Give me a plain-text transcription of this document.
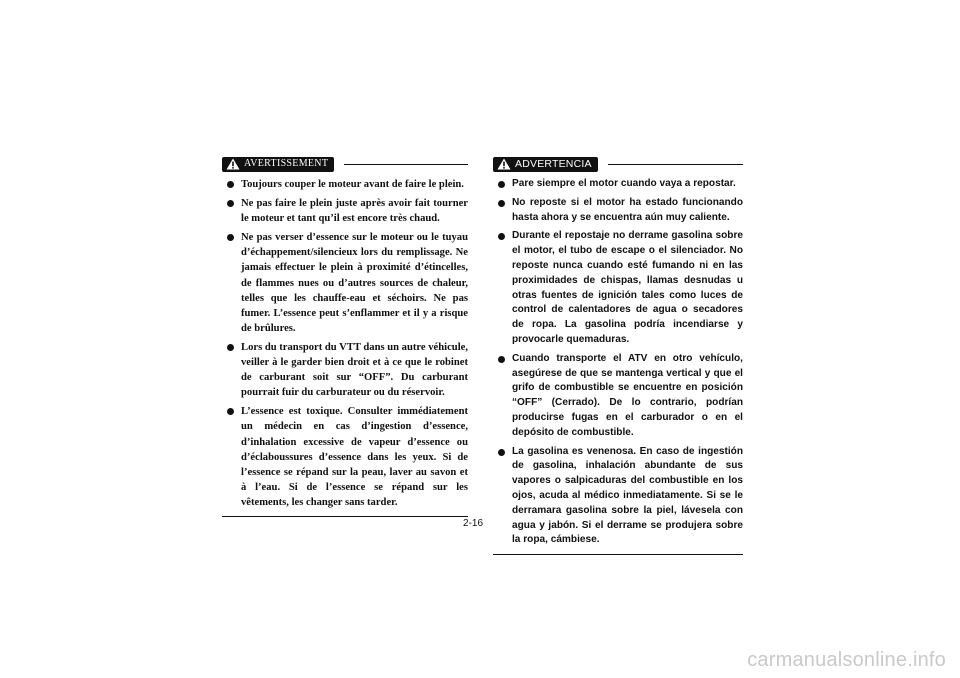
AVERTISSEMENT
Toujours couper le moteur avant de faire le plein.
Ne pas faire le plein juste après avoir fait tourner le moteur et tant qu’il est encore très chaud.
Ne pas verser d’essence sur le moteur ou le tuyau d’échappement/silencieux lors du remplissage. Ne jamais effectuer le plein à proximité d’étincelles, de flammes nues ou d’autres sources de chaleur, telles que les chauffe-eau et séchoirs. Ne pas fumer. L’essence peut s’enflammer et il y a risque de brûlures.
Lors du transport du VTT dans un autre véhicule, veiller à le garder bien droit et à ce que le robinet de carburant soit sur “OFF”. Du carburant pourrait fuir du carburateur ou du réservoir.
L’essence est toxique. Consulter immédiatement un médecin en cas d’ingestion d’essence, d’inhalation excessive de vapeur d’essence ou d’éclaboussures d’essence dans les yeux. Si de l’essence se répand sur la peau, laver au savon et à l’eau. Si de l’essence se répand sur les vêtements, les changer sans tarder.
ADVERTENCIA
Pare siempre el motor cuando vaya a repostar.
No reposte si el motor ha estado funcionando hasta ahora y se encuentra aún muy caliente.
Durante el repostaje no derrame gasolina sobre el motor, el tubo de escape o el silenciador. No reposte nunca cuando esté fumando ni en las proximidades de chispas, llamas desnudas u otras fuentes de ignición tales como luces de control de calentadores de agua o secadores de ropa. La gasolina podría incendiarse y provocarle quemaduras.
Cuando transporte el ATV en otro vehículo, asegúrese de que se mantenga vertical y que el grifo de combustible se encuentre en posición “OFF” (Cerrado). De lo contrario, podrían producirse fugas en el carburador o en el depósito de combustible.
La gasolina es venenosa. En caso de ingestión de gasolina, inhalación abundante de sus vapores o salpicaduras del combustible en los ojos, acuda al médico inmediatamente. Si se le derramara gasolina sobre la piel, lávesela con agua y jabón. Si el derrame se produjera sobre la ropa, cámbiese.
2-16
carmanualsonline.info
